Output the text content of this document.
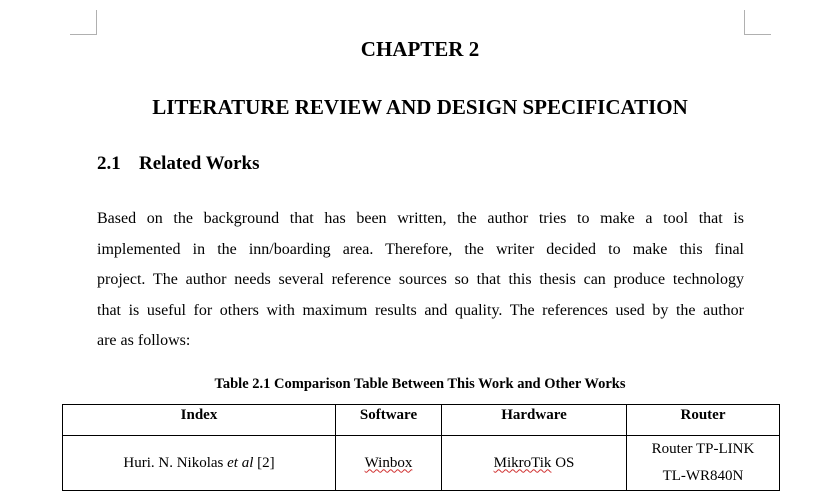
CHAPTER 2
LITERATURE REVIEW AND DESIGN SPECIFICATION
2.1 Related Works
Based on the background that has been written, the author tries to make a tool that is
implemented in the inn/boarding area. Therefore, the writer decided to make this final
project. The author needs several reference sources so that this thesis can produce technology
that is useful for others with maximum results and quality. The references used by the author
are as follows:
Table 2.1 Comparison Table Between This Work and Other Works
Index	Software	Hardware	Router
Huri. N. Nikolas et al [2]	Winbox	MikroTik OS	Router TP-LINK
TL-WR840N
